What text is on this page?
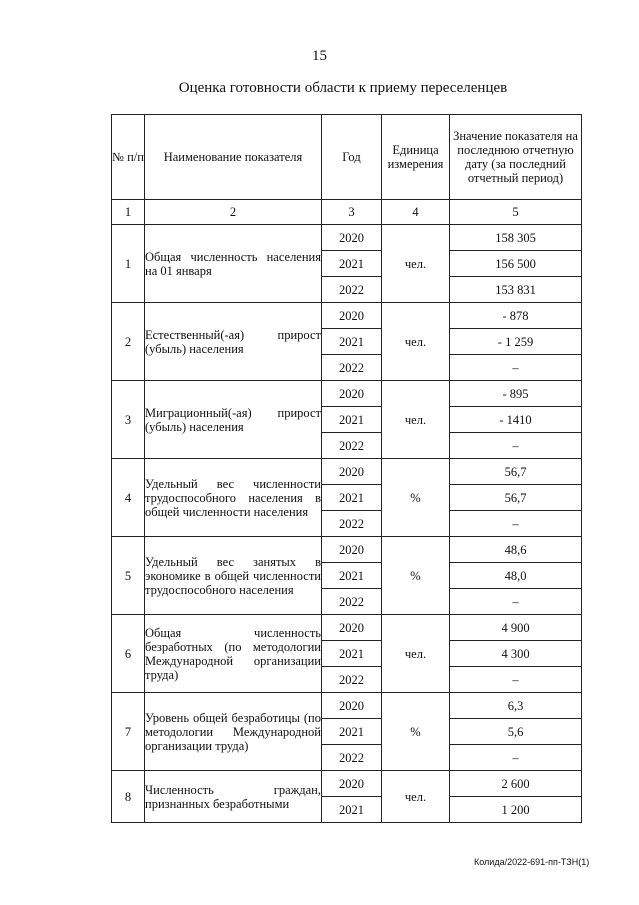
15
Оценка готовности области к приему переселенцев
№ п/п	Наименование показателя	Год	Единица измерения	Значение показателя на последнюю отчетную дату (за последний отчетный период)
1	2	3	4	5
1	Общая численность населения на 01 января	2020	чел.	158 305
		2021		156 500
		2022		153 831
2	Естественный(-ая) прирост (убыль) населения	2020	чел.	- 878
		2021		- 1 259
		2022		–
3	Миграционный(-ая) прирост (убыль) населения	2020	чел.	- 895
		2021		- 1410
		2022		–
4	Удельный вес численности трудоспособного населения в общей численности населения	2020	%	56,7
		2021		56,7
		2022		–
5	Удельный вес занятых в экономике в общей численности трудоспособного населения	2020	%	48,6
		2021		48,0
		2022		–
6	Общая численность безработных (по методологии Международной организации труда)	2020	чел.	4 900
		2021		4 300
		2022		–
7	Уровень общей безработицы (по методологии Международной организации труда)	2020	%	6,3
		2021		5,6
		2022		–
8	Численность граждан, признанных безработными	2020	чел.	2 600
		2021		1 200
Колида/2022-691-пп-ТЗН(1)
